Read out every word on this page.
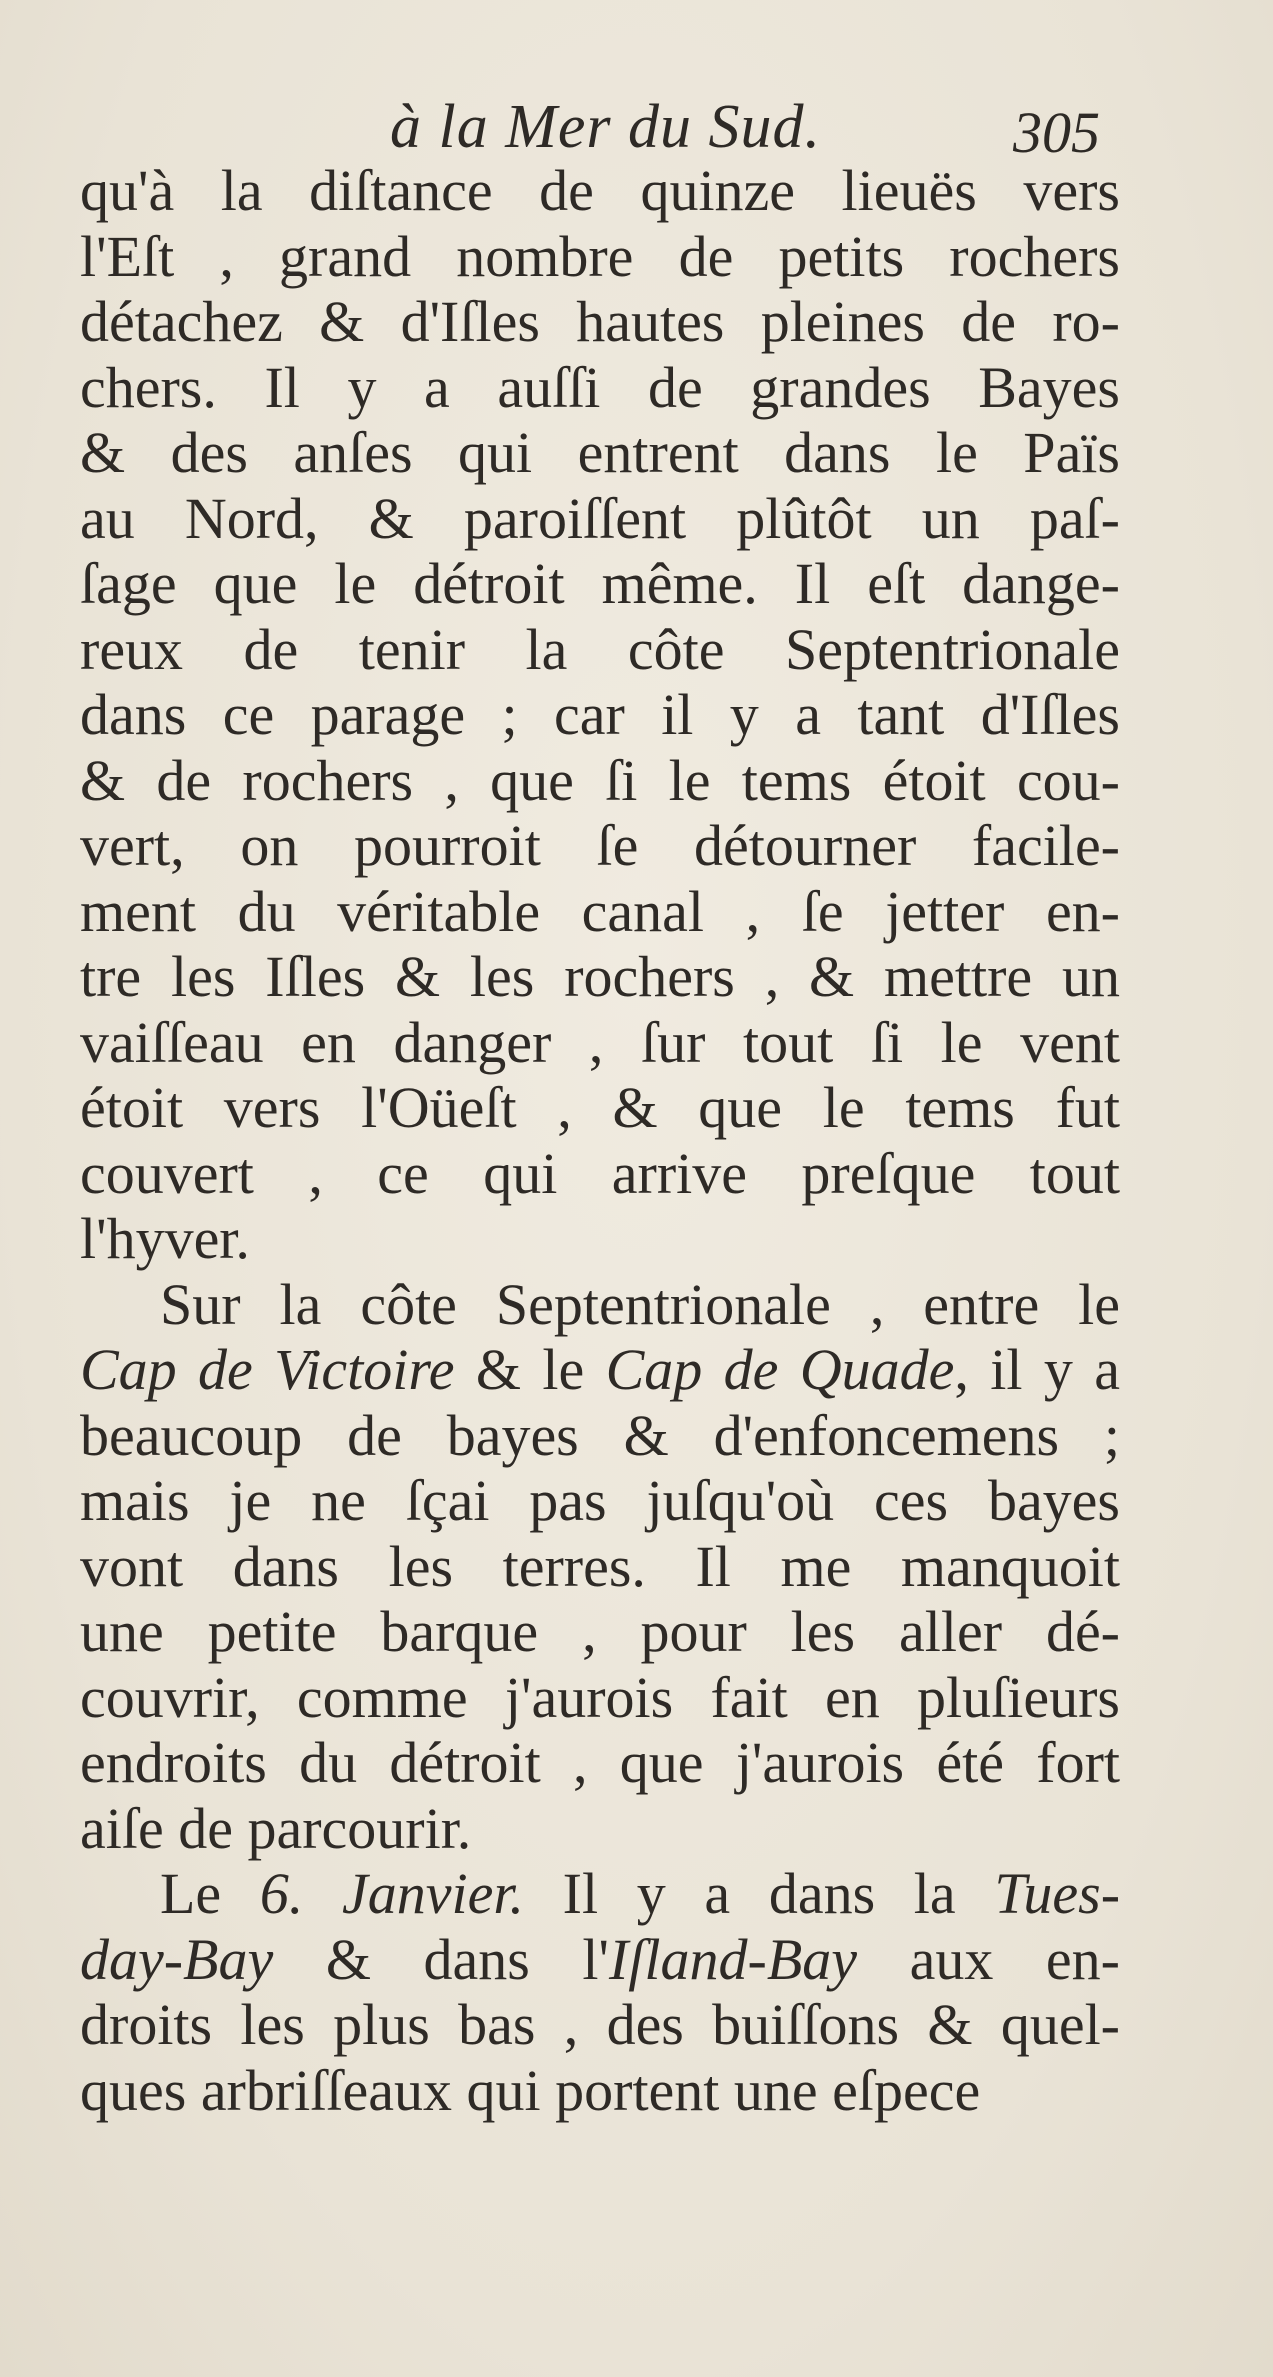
à la Mer du Sud.	305
qu'à la diſtance de quinze lieuës vers
l'Eſt , grand nombre de petits rochers
détachez & d'Iſles hautes pleines de ro-
chers. Il y a auſſi de grandes Bayes
& des anſes qui entrent dans le Païs
au Nord, & paroiſſent plûtôt un paſ-
ſage que le détroit même. Il eſt dange-
reux de tenir la côte Septentrionale
dans ce parage ; car il y a tant d'Iſles
& de rochers , que ſi le tems étoit cou-
vert, on pourroit ſe détourner facile-
ment du véritable canal , ſe jetter en-
tre les Iſles & les rochers , & mettre un
vaiſſeau en danger , ſur tout ſi le vent
étoit vers l'Oüeſt , & que le tems fut
couvert , ce qui arrive preſque tout
l'hyver.
Sur la côte Septentrionale , entre le
Cap de Victoire & le Cap de Quade, il y a
beaucoup de bayes & d'enfoncemens ;
mais je ne ſçai pas juſqu'où ces bayes
vont dans les terres. Il me manquoit
une petite barque , pour les aller dé-
couvrir, comme j'aurois fait en pluſieurs
endroits du détroit , que j'aurois été fort
aiſe de parcourir.
Le 6. Janvier. Il y a dans la Tues-
day-Bay & dans l'Iſland-Bay aux en-
droits les plus bas , des buiſſons & quel-
ques arbriſſeaux qui portent une eſpece
